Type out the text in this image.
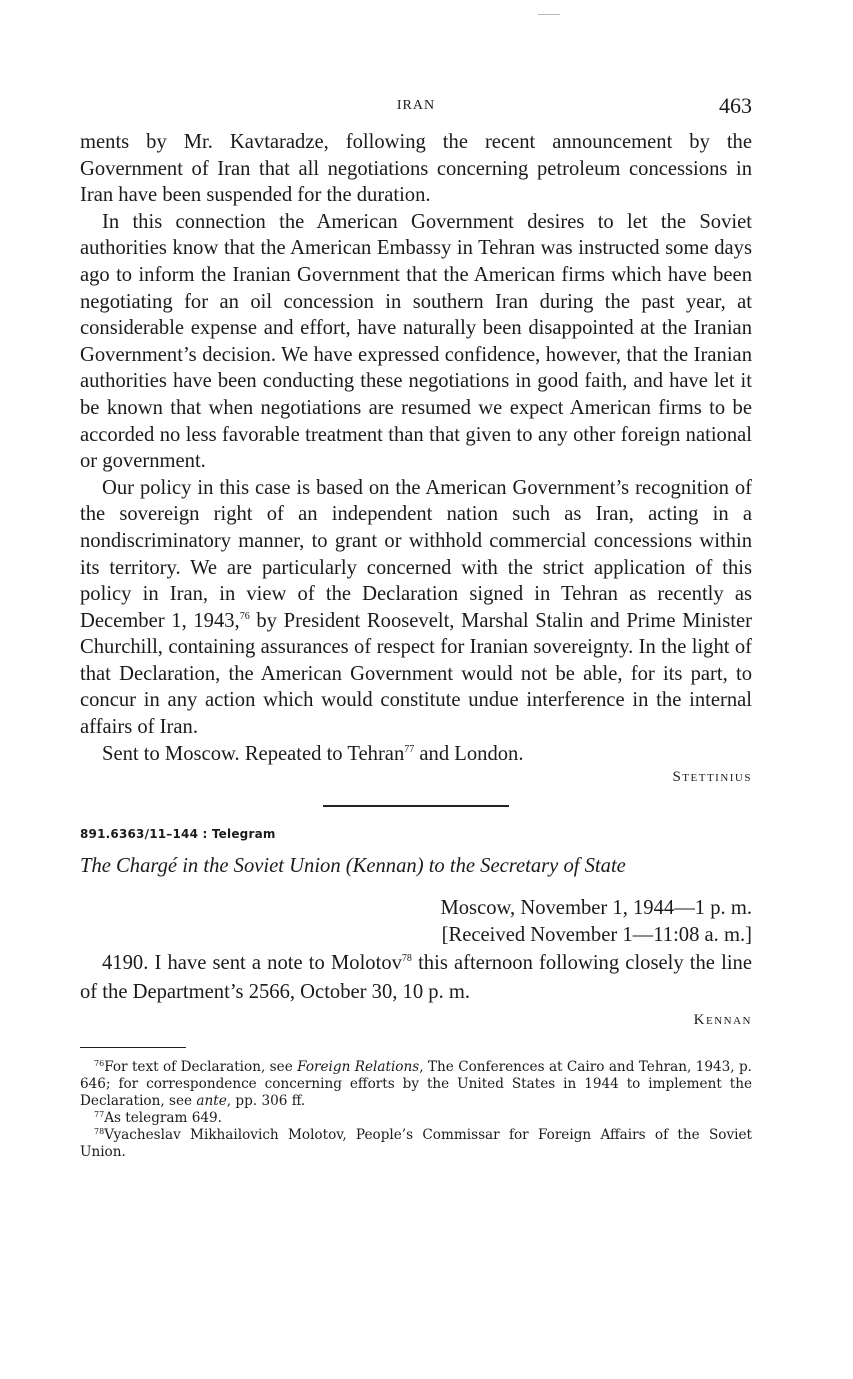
IRAN	463

ments by Mr. Kavtaradze, following the recent announcement by the Government of Iran that all negotiations concerning petroleum concessions in Iran have been suspended for the duration.

In this connection the American Government desires to let the Soviet authorities know that the American Embassy in Tehran was instructed some days ago to inform the Iranian Government that the American firms which have been negotiating for an oil concession in southern Iran during the past year, at considerable expense and effort, have naturally been disappointed at the Iranian Government’s decision. We have expressed confidence, however, that the Iranian authorities have been conducting these negotiations in good faith, and have let it be known that when negotiations are resumed we expect American firms to be accorded no less favorable treatment than that given to any other foreign national or government.

Our policy in this case is based on the American Government’s recognition of the sovereign right of an independent nation such as Iran, acting in a nondiscriminatory manner, to grant or withhold commercial concessions within its territory. We are particularly concerned with the strict application of this policy in Iran, in view of the Declaration signed in Tehran as recently as December 1, 1943,76 by President Roosevelt, Marshal Stalin and Prime Minister Churchill, containing assurances of respect for Iranian sovereignty. In the light of that Declaration, the American Government would not be able, for its part, to concur in any action which would constitute undue interference in the internal affairs of Iran.

Sent to Moscow. Repeated to Tehran$^{77}$ and London.

Stettinius
891.6363/11–144 : Telegram
The Chargé in the Soviet Union (Kennan) to the Secretary of State
Moscow, November 1, 1944—1 p. m.
[Received November 1—11:08 a. m.]

4190. I have sent a note to Molotov$^{78}$ this afternoon following closely the line of the Department’s 2566, October 30, 10 p. m.

Kennan

$^{76}$For text of Declaration, see Foreign Relations, The Conferences at Cairo and Tehran, 1943, p. 646; for correspondence concerning efforts by the United States in 1944 to implement the Declaration, see ante, pp. 306 ff.

$^{77}$As telegram 649.

$^{78}$Vyacheslav Mikhailovich Molotov, People’s Commissar for Foreign Affairs of the Soviet Union.
